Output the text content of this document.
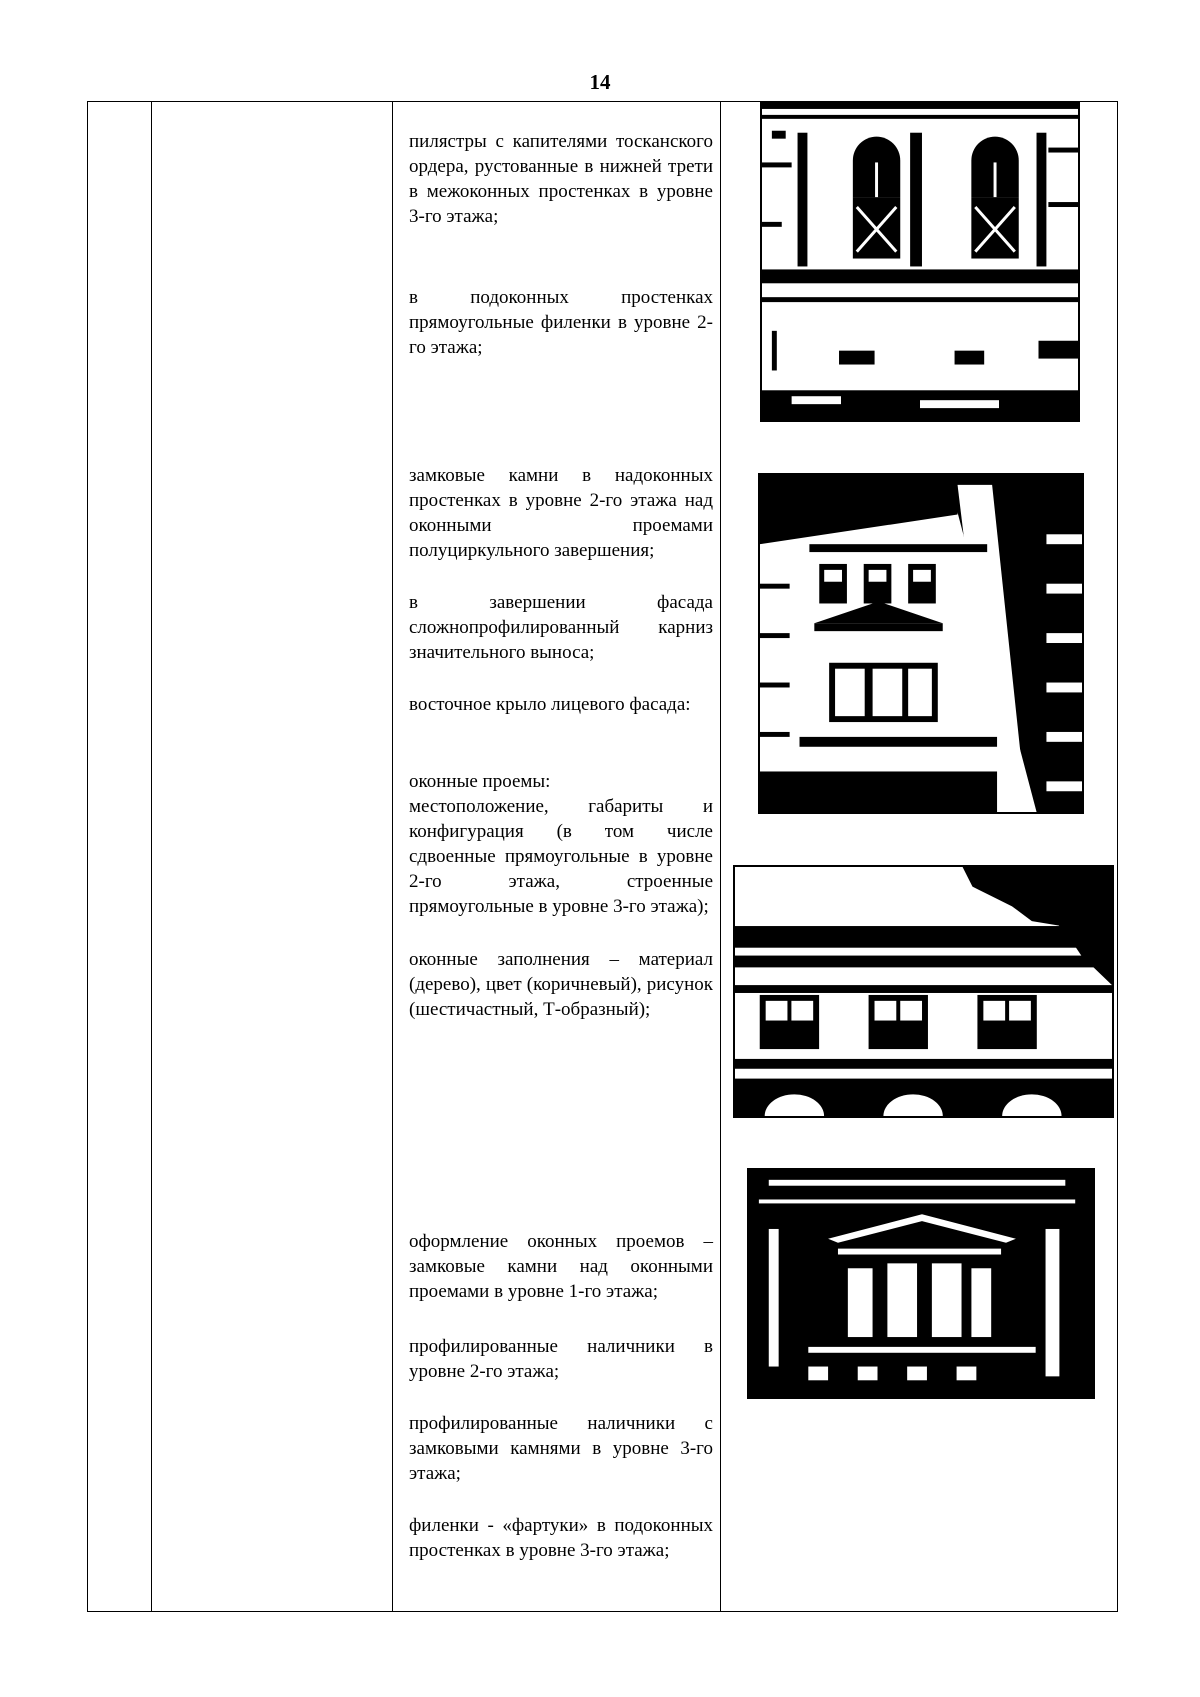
14
пилястры с капителями тосканского ордера, рустованные в нижней трети в межоконных простенках в уровне 3-го этажа;
в подоконных простенках прямоугольные филенки в уровне 2-го этажа;
замковые камни в надоконных простенках в уровне 2-го этажа над оконными проемами полуциркульного завершения;
в завершении фасада сложнопрофилированный карниз значительного выноса;
восточное крыло лицевого фасада:
оконные проемы:
местоположение, габариты и конфигурация (в том числе сдвоенные прямоугольные в уровне 2-го этажа, строенные прямоугольные в уровне 3-го этажа);
оконные заполнения – материал (дерево), цвет (коричневый), рисунок (шестичастный, Т-образный);
оформление оконных проемов – замковые камни над оконными проемами в уровне 1-го этажа;
профилированные наличники в уровне 2-го этажа;
профилированные наличники с замковыми камнями в уровне 3-го этажа;
филенки - «фартуки» в подоконных простенках в уровне 3-го этажа;
